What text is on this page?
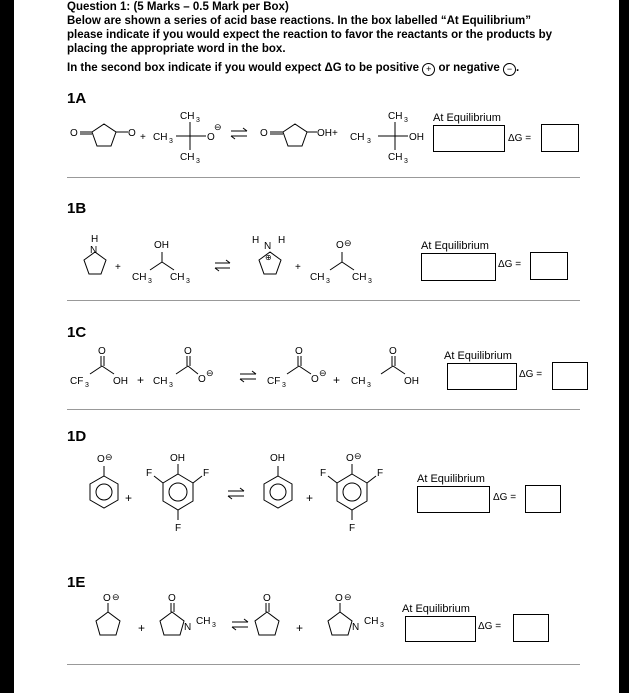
Question 1: (5 Marks – 0.5 Mark per Box)

Below are shown a series of acid base reactions. In the box labelled “At Equilibrium”

please indicate if you would expect the reaction to favor the reactants or the products by

placing the appropriate word in the box.

In the second box indicate if you would expect ΔG to be positive + or negative − .

1A
O	O + CH 3
CH 3
O
⊖
CH 3
O	OH+ CH 3
CH 3
OH
CH 3
At Equilibrium
ΔG =
1B
H
N
+
CH 3
OH
CH 3
H
N
H
⊕
+
O ⊖
CH 3 CH 3
At Equilibrium
ΔG =
1C
CF 3
O
OH + CH 3
O
O
⊖
CF 3
O
O
⊖ + CH 3
O
OH
At Equilibrium
ΔG =
1D
O ⊖
+
OH
F	F
F
OH
+
O ⊖
F	F
F
At Equilibrium
ΔG =
1E
O ⊖
+
O
N
CH 3	+
O	O ⊖
N
CH 3
At Equilibrium
ΔG =
